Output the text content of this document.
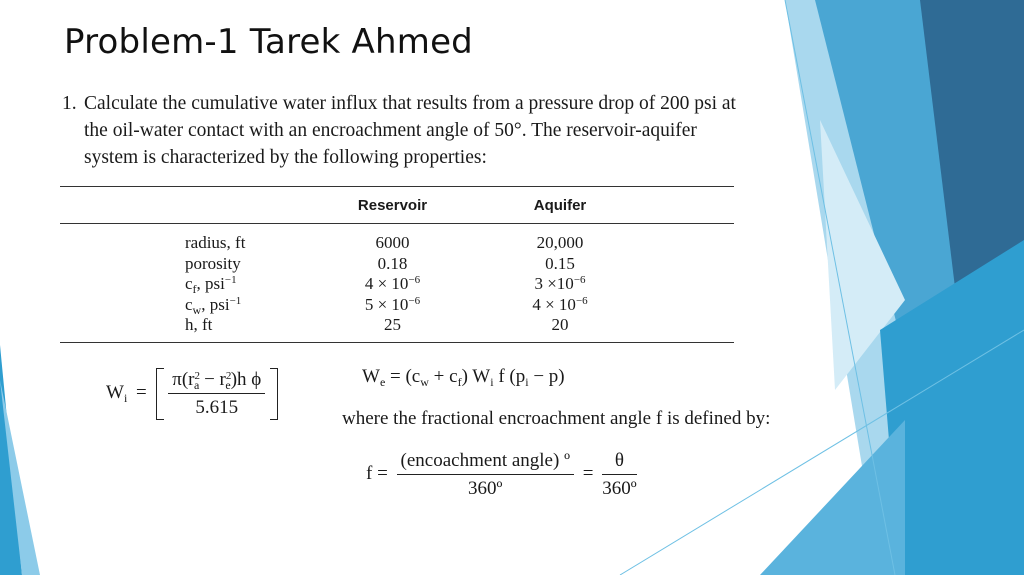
Problem-1 Tarek Ahmed
1. Calculate the cumulative water influx that results from a pressure drop of 200 psi at the oil-water contact with an encroachment angle of 50°. The reservoir-aquifer system is characterized by the following properties:
	Reservoir	Aquifer	
radius, ft	6000	20,000	
porosity	0.18	0.15	
$c_f$, psi$^{-1}$	$4 \times 10^{-6}$	$3 \times 10^{-6}$	
$c_w$, psi$^{-1}$	$5 \times 10^{-6}$	$4 \times 10^{-6}$	
h, ft	25	20	
$W_i = \frac{\pi(r^2_a - r^2_e)h \phi}{5.615}$
	$W_e = (c_w + c_f)$ $W_i$ f $(p_i - p)$
where the fractional encroachment angle f is defined by:
$f = \frac{\text{(encoachment angle) º}}{\text{360º}} = \frac{\theta}{\text{360º}}$
